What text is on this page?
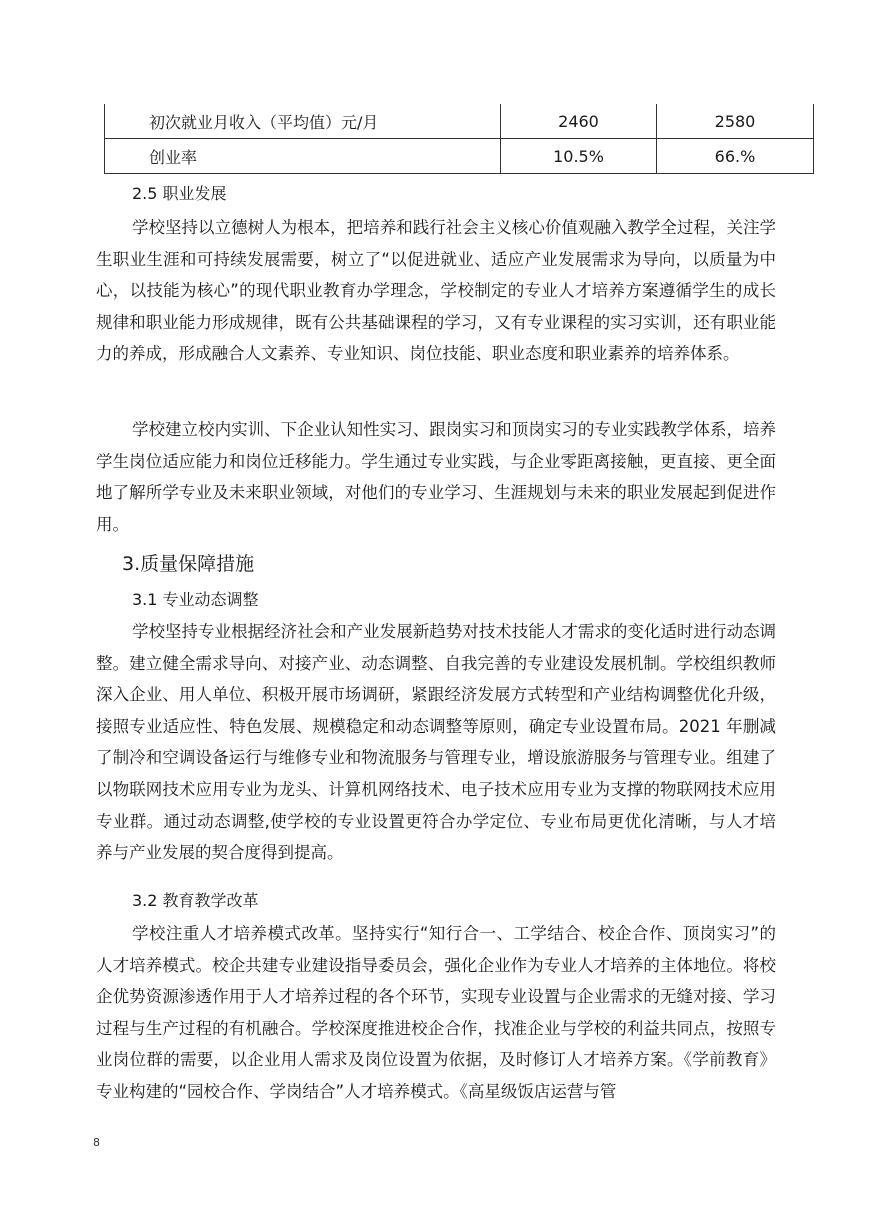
初次就业月收入（平均值）元/月	2460	2580
创业率	10.5%	66.%
2.5 职业发展

学校坚持以立德树人为根本，把培养和践行社会主义核心价值观融入教学全过程，关注学生职业生涯和可持续发展需要，树立了“以促进就业、适应产业发展需求为导向，以质量为中心，以技能为核心”的现代职业教育办学理念，学校制定的专业人才培养方案遵循学生的成长规律和职业能力形成规律，既有公共基础课程的学习，又有专业课程的实习实训，还有职业能力的养成，形成融合人文素养、专业知识、岗位技能、职业态度和职业素养的培养体系。

学校建立校内实训、下企业认知性实习、跟岗实习和顶岗实习的专业实践教学体系，培养学生岗位适应能力和岗位迁移能力。学生通过专业实践，与企业零距离接触，更直接、更全面地了解所学专业及未来职业领域，对他们的专业学习、生涯规划与未来的职业发展起到促进作用。

3.质量保障措施
3.1 专业动态调整

学校坚持专业根据经济社会和产业发展新趋势对技术技能人才需求的变化适时进行动态调整。建立健全需求导向、对接产业、动态调整、自我完善的专业建设发展机制。学校组织教师深入企业、用人单位、积极开展市场调研，紧跟经济发展方式转型和产业结构调整优化升级，接照专业适应性、特色发展、规模稳定和动态调整等原则，确定专业设置布局。2021 年删减了制冷和空调设备运行与维修专业和物流服务与管理专业，增设旅游服务与管理专业。组建了以物联网技术应用专业为龙头、计算机网络技术、电子技术应用专业为支撑的物联网技术应用专业群。通过动态调整,使学校的专业设置更符合办学定位、专业布局更优化清晰，与人才培养与产业发展的契合度得到提高。

3.2 教育教学改革

学校注重人才培养模式改革。坚持实行“知行合一、工学结合、校企合作、顶岗实习”的人才培养模式。校企共建专业建设指导委员会，强化企业作为专业人才培养的主体地位。将校企优势资源渗透作用于人才培养过程的各个环节，实现专业设置与企业需求的无缝对接、学习过程与生产过程的有机融合。学校深度推进校企合作，找准企业与学校的利益共同点，按照专业岗位群的需要，以企业用人需求及岗位设置为依据，及时修订人才培养方案。《学前教育》专业构建的“园校合作、学岗结合”人才培养模式。《高星级饭店运营与管

8
